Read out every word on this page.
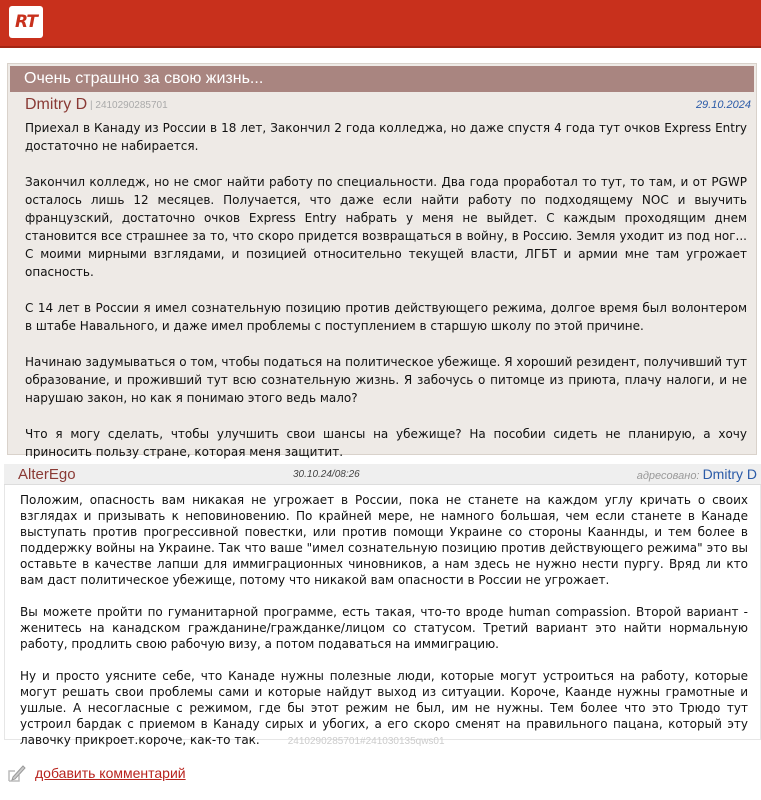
RT
Очень страшно за свою жизнь...
Dmitry D | 2410290285701	29.10.2024

Приехал в Канаду из России в 18 лет, Закончил 2 года колледжа, но даже спустя 4 года тут очков Express Entry достаточно не набирается.

Закончил колледж, но не смог найти работу по специальности. Два года проработал то тут, то там, и от PGWP осталось лишь 12 месяцев. Получается, что даже если найти работу по подходящему NOC и выучить французский, достаточно очков Express Entry набрать у меня не выйдет. С каждым проходящим днем становится все страшнее за то, что скоро придется возвращаться в войну, в Россию. Земля уходит из под ног... С моими мирными взглядами, и позицией относительно текущей власти, ЛГБТ и армии мне там угрожает опасность.

С 14 лет в России я имел сознательную позицию против действующего режима, долгое время был волонтером в штабе Навального, и даже имел проблемы с поступлением в старшую школу по этой причине.

Начинаю задумываться о том, чтобы податься на политическое убежище. Я хороший резидент, получивший тут образование, и проживший тут всю сознательную жизнь. Я забочусь о питомце из приюта, плачу налоги, и не нарушаю закон, но как я понимаю этого ведь мало?

Что я могу сделать, чтобы улучшить свои шансы на убежище? На пособии сидеть не планирую, а хочу приносить пользу стране, которая меня защитит.

AlterEgo	30.10.24/08:26	адресовано: Dmitry D

Положим, опасность вам никакая не угрожает в России, пока не станете на каждом углу кричать о своих взглядах и призывать к неповиновению. По крайней мере, не намного большая, чем если станете в Канаде выступать против прогрессивной повестки, или против помощи Украине со стороны Кааннды, и тем более в поддержку войны на Украине. Так что ваше "имел сознательную позицию против действующего режима" это вы оставьте в качестве лапши для иммиграционных чиновников, а нам здесь не нужно нести пургу. Вряд ли кто вам даст политическое убежище, потому что никакой вам опасности в России не угрожает.

Вы можете пройти по гуманитарной программе, есть такая, что-то вроде human compassion. Второй вариант - женитесь на канадском гражданине/гражданке/лицом со статусом. Третий вариант это найти нормальную работу, продлить свою рабочую визу, а потом подаваться на иммиграцию.

Ну и просто уясните себе, что Канаде нужны полезные люди, которые могут устроиться на работу, которые могут решать свои проблемы сами и которые найдут выход из ситуации. Короче, Каанде нужны грамотные и ушлые. А несогласные с режимом, где бы этот режим не был, им не нужны. Тем более что это Трюдо тут устроил бардак с приемом в Канаду сирых и убогих, а его скоро сменят на правильного пацана, который эту лавочку прикроет.короче, как-то так.	2410290285701#241030135qws01

добавить комментарий
